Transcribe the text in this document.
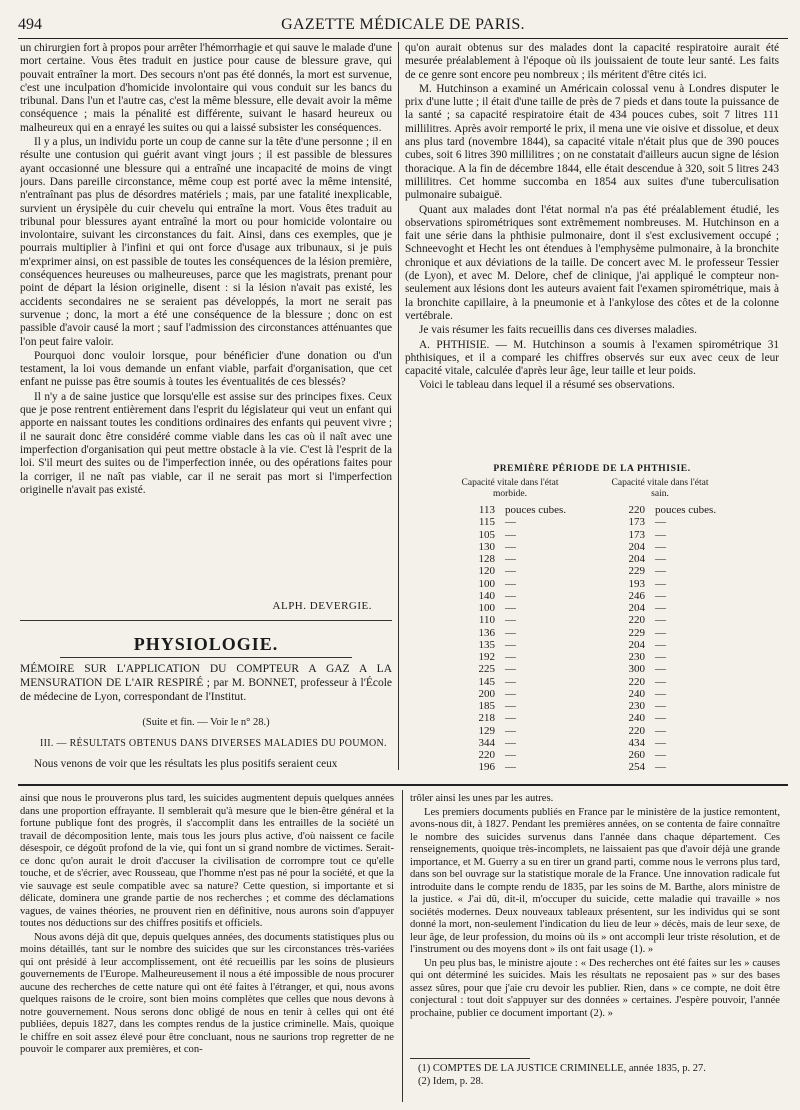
494	GAZETTE MÉDICALE DE PARIS.

un chirurgien fort à propos pour arrêter l'hémorrhagie et qui sauve le malade d'une mort certaine. Vous êtes traduit en justice pour cause de blessure grave, qui pouvait entraîner la mort. Des secours n'ont pas été donnés, la mort est survenue, c'est une inculpation d'homicide involontaire qui vous conduit sur les bancs du tribunal. Dans l'un et l'autre cas, c'est la même blessure, elle devait avoir la même conséquence ; mais la pénalité est différente, suivant le hasard heureux ou malheureux qui en a enrayé les suites ou qui a laissé subsister les conséquences.

Il y a plus, un individu porte un coup de canne sur la tête d'une personne ; il en résulte une contusion qui guérit avant vingt jours ; il est passible de blessures ayant occasionné une blessure qui a entraîné une incapacité de moins de vingt jours. Dans pareille circonstance, même coup est porté avec la même intensité, n'entraînant pas plus de désordres matériels ; mais, par une fatalité inexplicable, survient un érysipèle du cuir chevelu qui entraîne la mort. Vous êtes traduit au tribunal pour blessures ayant entraîné la mort ou pour homicide volontaire ou involontaire, suivant les circonstances du fait. Ainsi, dans ces exemples, que je pourrais multiplier à l'infini et qui ont force d'usage aux tribunaux, si je puis m'exprimer ainsi, on est passible de toutes les conséquences de la lésion première, conséquences heureuses ou malheureuses, parce que les magistrats, prenant pour point de départ la lésion originelle, disent : si la lésion n'avait pas existé, les accidents secondaires ne se seraient pas développés, la mort ne serait pas survenue ; donc, la mort a été une conséquence de la blessure ; donc on est passible d'avoir causé la mort ; sauf l'admission des circonstances atténuantes que l'on peut faire valoir.

Pourquoi donc vouloir lorsque, pour bénéficier d'une donation ou d'un testament, la loi vous demande un enfant viable, parfait d'organisation, que cet enfant ne puisse pas être soumis à toutes les éventualités de ces blessés?

Il n'y a de saine justice que lorsqu'elle est assise sur des principes fixes. Ceux que je pose rentrent entièrement dans l'esprit du législateur qui veut un enfant qui apporte en naissant toutes les conditions ordinaires des enfants qui peuvent vivre ; il ne saurait donc être considéré comme viable dans les cas où il naît avec une imperfection d'organisation qui peut mettre obstacle à la vie. C'est là l'esprit de la loi. S'il meurt des suites ou de l'imperfection innée, ou des opérations faites pour la corriger, il ne naît pas viable, car il ne serait pas mort si l'imperfection originelle n'avait pas existé.

ALPH. DEVERGIE.
PHYSIOLOGIE.
MÉMOIRE SUR L'APPLICATION DU COMPTEUR A GAZ A LA MENSURATION DE L'AIR RESPIRÉ ; par M. BONNET, professeur à l'École de médecine de Lyon, correspondant de l'Institut.
(Suite et fin. — Voir le n° 28.)
III. — RÉSULTATS OBTENUS DANS DIVERSES MALADIES DU POUMON.
Nous venons de voir que les résultats les plus positifs seraient ceux

qu'on aurait obtenus sur des malades dont la capacité respiratoire aurait été mesurée préalablement à l'époque où ils jouissaient de toute leur santé. Les faits de ce genre sont encore peu nombreux ; ils méritent d'être cités ici.

M. Hutchinson a examiné un Américain colossal venu à Londres disputer le prix d'une lutte ; il était d'une taille de près de 7 pieds et dans toute la puissance de la santé ; sa capacité respiratoire était de 434 pouces cubes, soit 7 litres 111 millilitres. Après avoir remporté le prix, il mena une vie oisive et dissolue, et deux ans plus tard (novembre 1844), sa capacité vitale n'était plus que de 390 pouces cubes, soit 6 litres 390 millilitres ; on ne constatait d'ailleurs aucun signe de lésion thoracique. A la fin de décembre 1844, elle était descendue à 320, soit 5 litres 243 millilitres. Cet homme succomba en 1854 aux suites d'une tuberculisation pulmonaire subaiguë.

Quant aux malades dont l'état normal n'a pas été préalablement étudié, les observations spirométriques sont extrêmement nombreuses. M. Hutchinson en a fait une série dans la phthisie pulmonaire, dont il s'est exclusivement occupé ; Schneevoght et Hecht les ont étendues à l'emphysème pulmonaire, à la bronchite chronique et aux déviations de la taille. De concert avec M. le professeur Tessier (de Lyon), et avec M. Delore, chef de clinique, j'ai appliqué le compteur non-seulement aux lésions dont les auteurs avaient fait l'examen spirométrique, mais à la bronchite capillaire, à la pneumonie et à l'ankylose des côtes et de la colonne vertébrale.

Je vais résumer les faits recueillis dans ces diverses maladies.

A. PHTHISIE. — M. Hutchinson a soumis à l'examen spirométrique 31 phthisiques, et il a comparé les chiffres observés sur eux avec ceux de leur capacité vitale, calculée d'après leur âge, leur taille et leur poids.

Voici le tableau dans lequel il a résumé ses observations.

PREMIÈRE PÉRIODE DE LA PHTHISIE.
Capacité vitale dans l'état morbide.
Capacité vitale dans l'état sain.
113 pouces cubes.	220 pouces cubes.
115 —	173 —
105 —	173 —
130 —	204 —
128 —	204 —
120 —	229 —
100 —	193 —
140 —	246 —
100 —	204 —
110 —	220 —
136 —	229 —
135 —	204 —
192 —	230 —
225 —	300 —
145 —	220 —
200 —	240 —
185 —	230 —
218 —	240 —
129 —	220 —
344 —	434 —
220 —	260 —
196 —	254 —

ainsi que nous le prouverons plus tard, les suicides augmentent depuis quelques années dans une proportion effrayante. Il semblerait qu'à mesure que le bien-être général et la fortune publique font des progrès, il s'accomplit dans les entrailles de la société un travail de décomposition lente, mais tous les jours plus active, d'où naissent ce facile désespoir, ce dégoût profond de la vie, qui font un si grand nombre de victimes. Serait-ce donc qu'on aurait le droit d'accuser la civilisation de corrompre tout ce qu'elle touche, et de s'écrier, avec Rousseau, que l'homme n'est pas né pour la société, et que la vie sauvage est seule compatible avec sa nature? Cette question, si importante et si délicate, dominera une grande partie de nos recherches ; et comme des déclamations vagues, de vaines théories, ne prouvent rien en définitive, nous aurons soin d'appuyer toutes nos déductions sur des chiffres positifs et officiels.

Nous avons déjà dit que, depuis quelques années, des documents statistiques plus ou moins détaillés, tant sur le nombre des suicides que sur les circonstances très-variées qui ont présidé à leur accomplissement, ont été recueillis par les soins de plusieurs gouvernements de l'Europe. Malheureusement il nous a été impossible de nous procurer aucune des recherches de cette nature qui ont été faites à l'étranger, et qui, nous avons quelques raisons de le croire, sont bien moins complètes que celles que nous devons à notre gouvernement. Nous serons donc obligé de nous en tenir à celles qui ont été publiées, depuis 1827, dans les comptes rendus de la justice criminelle. Mais, quoique le chiffre en soit assez élevé pour être concluant, nous ne saurions trop regretter de ne pouvoir le comparer aux premières, et con-

trôler ainsi les unes par les autres.

Les premiers documents publiés en France par le ministère de la justice remontent, avons-nous dit, à 1827. Pendant les premières années, on se contenta de faire connaître le nombre des suicides survenus dans l'année dans chaque département. Ces renseignements, quoique très-incomplets, ne laissaient pas que d'avoir déjà une grande importance, et M. Guerry a su en tirer un grand parti, comme nous le verrons plus tard, dans son bel ouvrage sur la statistique morale de la France. Une innovation radicale fut introduite dans le compte rendu de 1835, par les soins de M. Barthe, alors ministre de la justice. « J'ai dû, dit-il, m'occuper du suicide, cette maladie qui travaille » nos sociétés modernes. Deux nouveaux tableaux présentent, sur les individus qui se sont donné la mort, non-seulement l'indication du lieu de leur » décès, mais de leur sexe, de leur âge, de leur profession, du moins où ils » ont accompli leur triste résolution, et de l'instrument ou des moyens dont » ils ont fait usage (1). »

Un peu plus bas, le ministre ajoute : « Des recherches ont été faites sur les » causes qui ont déterminé les suicides. Mais les résultats ne reposaient pas » sur des bases assez sûres, pour que j'aie cru devoir les publier. Rien, dans » ce compte, ne doit être conjectural : tout doit s'appuyer sur des données » certaines. J'espère pouvoir, l'année prochaine, publier ce document important (2). »

(1) COMPTES DE LA JUSTICE CRIMINELLE, année 1835, p. 27.
(2) Idem, p. 28.
